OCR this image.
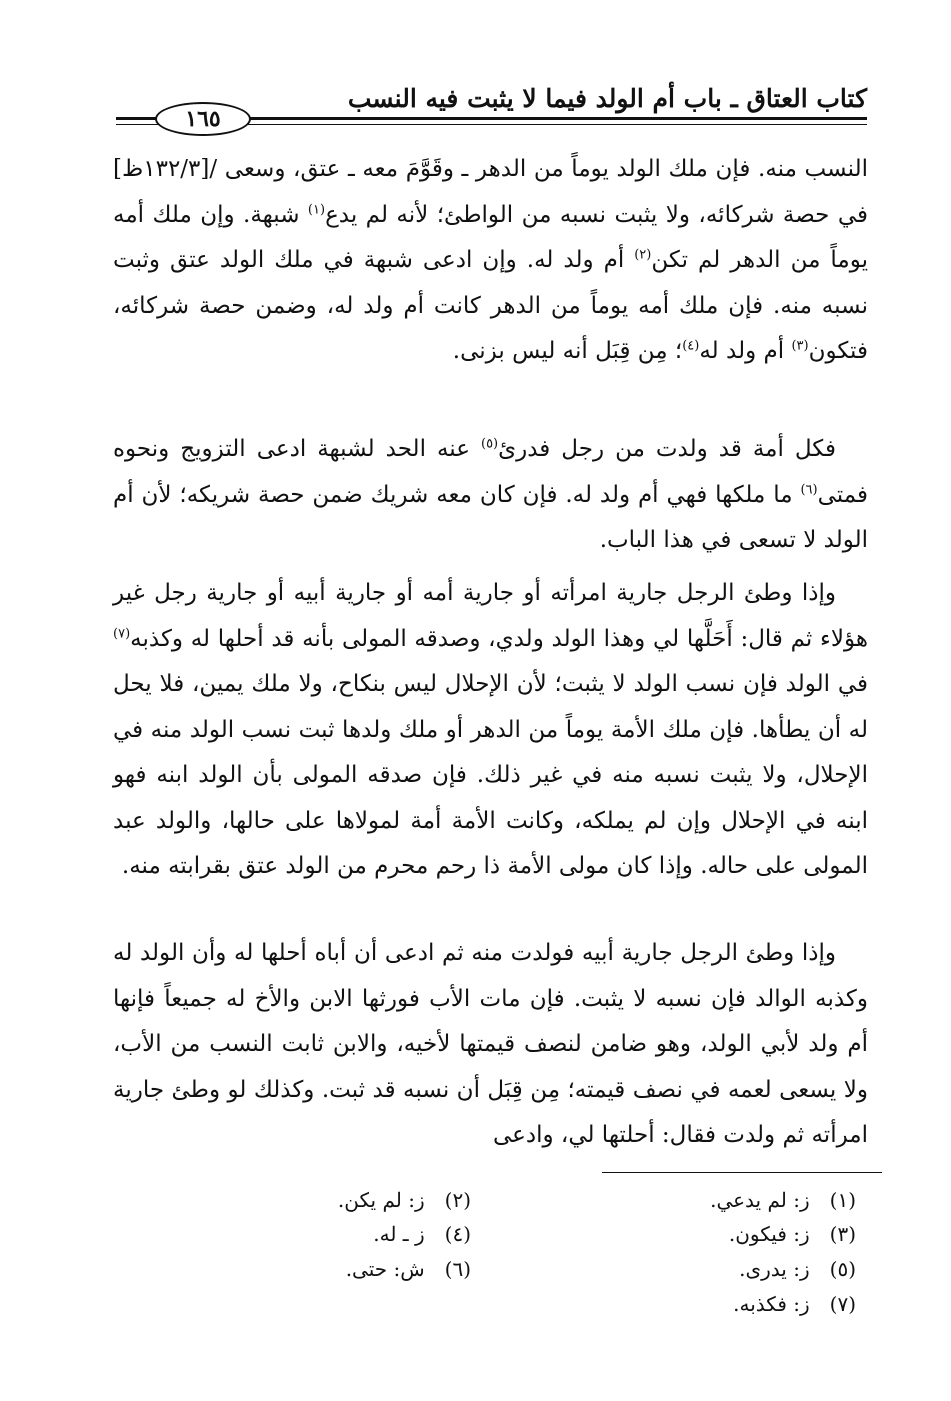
كتاب العتاق ـ باب أم الولد فيما لا يثبت فيه النسب
١٦٥

النسب منه. فإن ملك الولد يوماً من الدهر ـ وقَوَّمَ معه ـ عتق، وسعى /[١٣٢/٣ظ] في حصة شركائه، ولا يثبت نسبه من الواطئ؛ لأنه لم يدع$^{(١)}$ شبهة. وإن ملك أمه يوماً من الدهر لم تكن$^{(٢)}$ أم ولد له. وإن ادعى شبهة في ملك الولد عتق وثبت نسبه منه. فإن ملك أمه يوماً من الدهر كانت أم ولد له، وضمن حصة شركائه، فتكون$^{(٣)}$ أم ولد له$^{(٤)}$؛ مِن قِبَل أنه ليس بزنى.

فكل أمة قد ولدت من رجل فدرئ$^{(٥)}$ عنه الحد لشبهة ادعى التزويج ونحوه فمتى$^{(٦)}$ ما ملكها فهي أم ولد له. فإن كان معه شريك ضمن حصة شريكه؛ لأن أم الولد لا تسعى في هذا الباب.

وإذا وطئ الرجل جارية امرأته أو جارية أمه أو جارية أبيه أو جارية رجل غير هؤلاء ثم قال: أَحَلَّها لي وهذا الولد ولدي، وصدقه المولى بأنه قد أحلها له وكذبه$^{(٧)}$ في الولد فإن نسب الولد لا يثبت؛ لأن الإحلال ليس بنكاح، ولا ملك يمين، فلا يحل له أن يطأها. فإن ملك الأمة يوماً من الدهر أو ملك ولدها ثبت نسب الولد منه في الإحلال، ولا يثبت نسبه منه في غير ذلك. فإن صدقه المولى بأن الولد ابنه فهو ابنه في الإحلال وإن لم يملكه، وكانت الأمة أمة لمولاها على حالها، والولد عبد المولى على حاله. وإذا كان مولى الأمة ذا رحم محرم من الولد عتق بقرابته منه.

وإذا وطئ الرجل جارية أبيه فولدت منه ثم ادعى أن أباه أحلها له وأن الولد له وكذبه الوالد فإن نسبه لا يثبت. فإن مات الأب فورثها الابن والأخ له جميعاً فإنها أم ولد لأبي الولد، وهو ضامن لنصف قيمتها لأخيه، والابن ثابت النسب من الأب، ولا يسعى لعمه في نصف قيمته؛ مِن قِبَل أن نسبه قد ثبت. وكذلك لو وطئ جارية امرأته ثم ولدت فقال: أحلتها لي، وادعى

(١) ز: لم يدعي.
(٢) ز: لم يكن.
(٣) ز: فيكون.
(٤) ز ـ له.
(٥) ز: يدرى.
(٦) ش: حتى.
(٧) ز: فكذبه.
